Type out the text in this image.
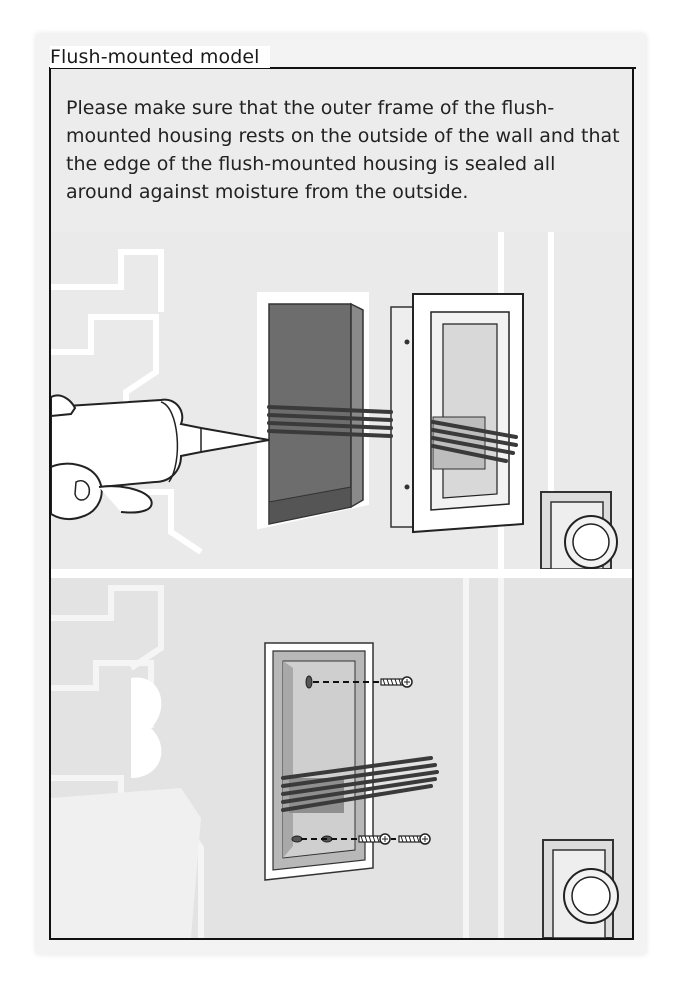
Flush-mounted model

Please make sure that the outer frame of the flush-mounted housing rests on the outside of the wall and that the edge of the flush-mounted housing is sealed all around against moisture from the outside.
